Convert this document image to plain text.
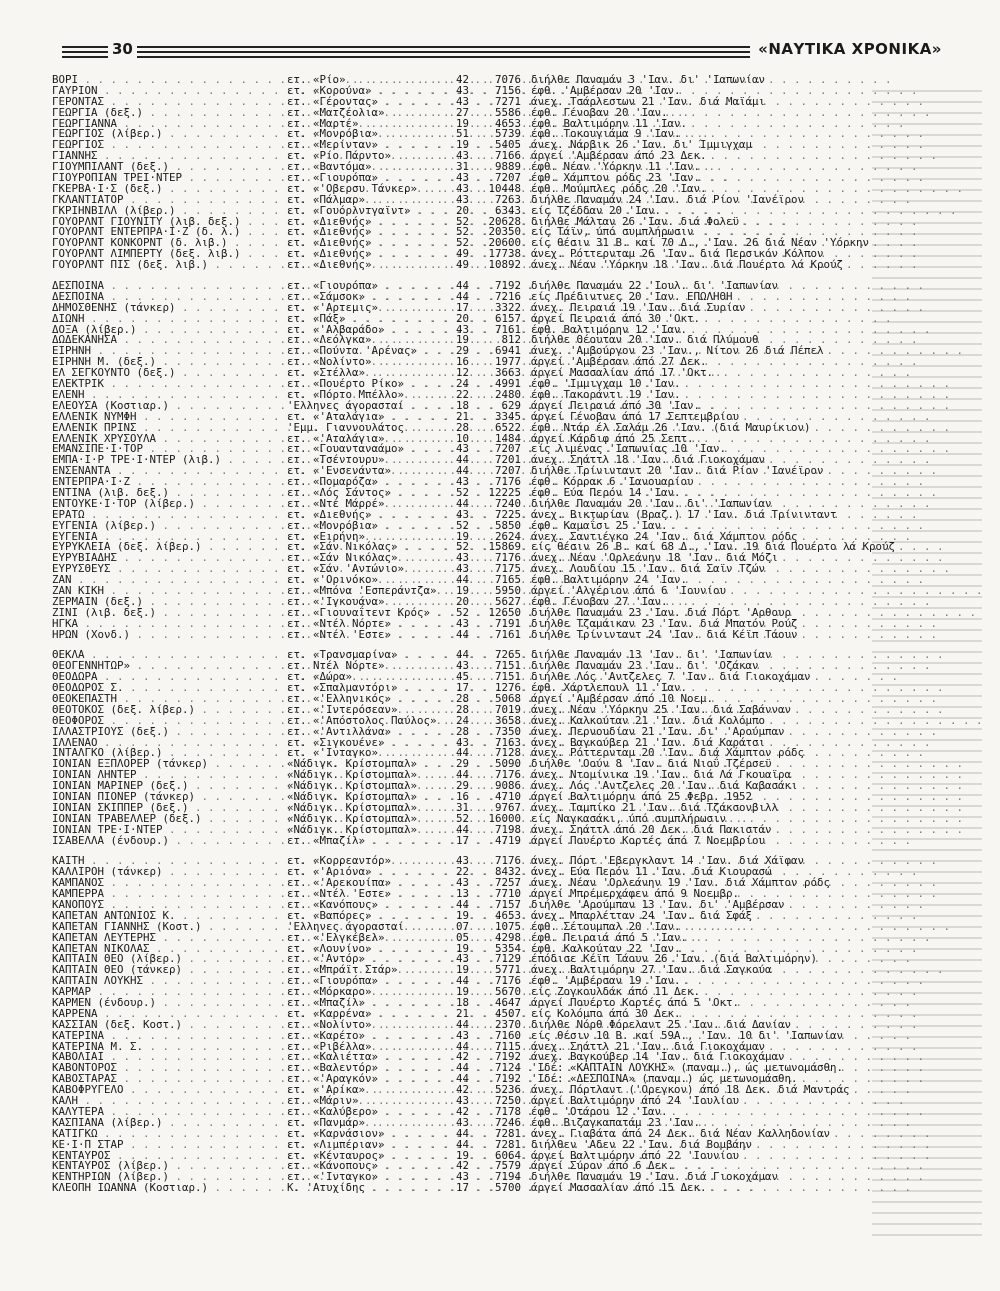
30	«ΝΑΥΤΙΚΑ ΧΡΟΝΙΚΑ»
ΒΟΡΙ . . .	ετ. «Ρίο» . . .	42	7076 διήλθε Παναμάν 3 'Ιαν. δι' 'Ιαπωνίαν
ΓΑΥΡΙΟΝ . . .	ετ. «Κορούνα» . . .	43	7156 έφθ. 'Αμβέρσαν 20 'Ιαν.
ΓΕΡΟΝΤΑΣ . . .	ετ. «Γέροντας» . . .	43	7271 άνεχ. Τσάρλεστων 21 'Ιαν. διά Μαϊάμι
ΓΕΩΡΓΙΑ (δεξ.) . . .	ετ. «Ματζέολια» . . .	27	5586 έφθ. Γένοβαν 20 'Ιαν.
ΓΕΩΡΓΙΑΝΝΑ . . .	ετ. «Μαρτέ» . . .	19	4653 έφθ. Βαλτιμόρην 11 'Ιαν.
ΓΕΩΡΓΙΟΣ (λίβερ.) . . .	ετ. «Μονρόβια» . . .	51	5739 έφθ. Τοκουγιάμα 9 'Ιαν.
ΓΕΩΡΓΙΟΣ . . .	ετ. «Μερίνταν» . . .	19	5405 άνεχ. Νάρβικ 26 'Ιαν. δι' Ίμμιγχαμ
ΓΙΑΝΝΗΣ . . .	ετ. «Ρίο Πάρντο» . . .	43	7166 άργεί 'Αμβέρσαν άπό 23 Δεκ.
ΓΙΟΥΜΠΙΛΑΝΤ (δεξ.) . . .	ετ. «Βαντόμα» . . .	31	9889 έφθ. Νέαν 'Υόρκην 11 'Ιαν.
ΓΙΟΥΡΟΠΙΑΝ ΤΡΕΙ·ΝΤΕΡ . . .	ετ. «Γιουρόπα» . . .	43	7207 έφθ. Χάμπτον ρόδς 23 'Ιαν.
ΓΚΕΡΒΑ·Ι·Σ (δεξ.) . . .	ετ. «'Οβερσυ Τάνκερ» . . .	43	10448 έφθ. Μούμπλες ρόδς 20 'Ιαν.
ΓΚΛΑΝΤΙΑΤΟΡ . . .	ετ. «Πάλμαρ» . . .	43	7263 διήλθε Παναμάν 24 'Ιαν. διά Ρίον 'Ιανέϊρον
ΓΚΡΙΗΝΒΙΛΛ (λίβερ.) . . .	ετ. «Γουόρλντγαϊντ» . . .	20	6343 είς Τζέδδαν 20 'Ιαν.
ΓΟΥΟΡΛΝΤ ΓΙΟΥΝΙΤΥ (λιβ. δεξ.) . . .	ετ. «Διεθνής» . . .	52	20628 διήλθε Μάλταν 26 'Ιαν. διά Φολεϋ
ΓΟΥΟΡΛΝΤ ΕΝΤΕΡΠΡΑ·Ι·Ζ (δ. λ.) . . .	ετ. «Διεθνής» . . .	52	20350 είς Τάϊν, ύπό συμπλήρωσιν
ΓΟΥΟΡΛΝΤ ΚΟΝΚΟΡΝΤ (δ. λιβ.) . . .	ετ. «Διεθνής» . . .	52	20600 είς θέσιν 31 Β. καί 70 Δ., 'Ιαν. 26 διά Νέαν 'Υόρκην
ΓΟΥΟΡΛΝΤ ΛΙΜΠΕΡΤΥ (δεξ. λιβ.) . . .	ετ. «Διεθνής» . . .	49	17738 άνεχ. Ρόττερνταμ 26 'Ιαν. διά Περσικόν Κόλπον
ΓΟΥΟΡΛΝΤ ΠΙΣ (δεξ. λιβ.) . . .	ετ. «Διεθνής» . . .	49	10892 άνεχ. Νέαν 'Υόρκην 18 'Ιαν. διά Πουέρτο λά Κρούζ
ΔΕΣΠΟΙΝΑ . . .	ετ. «Γιουρόπα» . . .	44	7192 διήλθε Παναμάν 22 'Ιουλ. δι' 'Ιαπωνίαν
ΔΕΣΠΟΙΝΑ . . .	ετ. «Σάμσοκ» . . .	44	7216 είς Πρέδιντνες 20 'Ιαν. ΕΠΩΛΗΘΗ
ΔΗΜΟΣΘΕΝΗΣ (τάνκερ) . . .	ετ. «'Αρτεμις» . . .	17	3322 άνεχ. Πειραιά 19 'Ιαν. διά Συρίαν
ΔΙΩΝΗ . . .	ετ. «Πάξ» . . .	20	6157 άργεί Πειραιά άπό 30 'Οκτ.
ΔΟΞΑ (λίβερ.) . . .	ετ. «'Αλβαράδο» . . .	43	7161 έφθ. Βαλτιμόρην 12 'Ιαν.
ΔΩΔΕΚΑΝΗΣΑ . . .	ετ. «Λεόλγκα» . . .	19	812 διήλθε Θέουταν 20 'Ιαν. διά Πλύμουθ
ΕΙΡΗΝΗ . . .	ετ. «Πούντα 'Αρένας» . . .	29	6941 άνεχ. 'Αμβούργον 23 'Ιαν., Νίτον 26 διά Πέπελ
ΕΙΡΗΝΗ Μ. (δεξ.) . . .	ετ. «Νολίντο» . . .	16	1977 άργεί 'Αμβέρσαν άπό 27 Δεκ.
ΕΛ ΣΕΓΚΟΥΝΤΟ (δεξ.) . . .	ετ. «Στέλλα» . . .	12	3663 άργεί Μασσαλίαν άπό 17 'Οκτ.
ΕΛΕΚΤΡΙΚ . . .	ετ. «Πουέρτο Ρίκο» . . .	24	4991 έφθ. 'Ιμμιγχαμ 10 'Ιαν.
ΕΛΕΝΗ . . .	ετ. «Πόρτο Μπέλλο» . . .	22	2480 έφθ. Τακοράντι 19 'Ιαν.
ΕΛΕΟΥΣΑ (Κοστιαρ.) . . .	'Ελληνες άγορασταί . . .	18	629 άργεί Πειραιά άπό 30 'Ιαν.
ΕΛΛΕΝΙΚ ΝΥΜΦΗ . . .	ετ. «'Αταλάγια» . . .	21	3345 άργεί Γένοβαν άπό 17 Σεπτεμβρίου
ΕΛΛΕΝΙΚ ΠΡΙΝΣ . . .	'Εμμ. Γιαννουλάτος . . .	28	6522 έφθ. Ντάρ έλ Σαλάμ 26 'Ιαν. (διά Μαυρίκιον)
ΕΛΛΕΝΙΚ ΧΡΥΣΟΥΛΑ . . .	ετ. «'Αταλάγια» . . .	10	1484 άργεί Κάρδιφ άπό 25 Σεπτ.
ΕΜΑΝΣΙΠΕ·Ι·ΤΟΡ . . .	ετ. «Γουανταναάμο» . . .	43	7207 είς λιμένας 'Ιαπωνίας 10 'Ιαν.
ΕΜΠΑ·Ι·Ρ ΤΡΕ·Ι·ΝΤΕΡ (λιβ.) . . .	ετ. «Τσέντουρυ» . . .	44	7201 άνεχ. Σηάττλ 18 'Ιαν. διά Γιοκοχάμαν
ΕΝΣΕΝΑΝΤΑ . . .	ετ. «'Ενσενάντα» . . .	44	7207 διήλθε Τρίνινταντ 20 'Ιαν. διά Ρίον 'Ιανέϊρον
ΕΝΤΕΡΠΡΑ·Ι·Ζ . . .	ετ. «Πομαρόζα» . . .	43	7176 έφθ. Κόρρακ 6 'Ιανουαρίου
ΕΝΤΙΝΑ (λιβ. δεξ.) . . .	ετ. «Λός Σάντος» . . .	52	12225 έφθ. Εύα Περόν 14 'Ιαν.
ΕΝΤΟΥΚΕ·Ι·ΤΟΡ (λίβερ.) . . .	ετ. «Ντέ Μάρρέ» . . .	44	7240 διήλθε Παναμάν 20 'Ιαν. δι' 'Ιαπωνίαν
ΕΡΑΤΩ . . .	ετ. «Διεθνής» . . .	43	7225 άνεχ. Βικτωρίαν (Βραζ.) 17 'Ιαν. διά Τρίνινταντ
ΕΥΓΕΝΙΑ (λίβερ.) . . .	ετ. «Μονρόβια» . . .	52	5850 έφθ. Καμαΐσι 25 'Ιαν.
ΕΥΓΕΝΙΑ . . .	ετ. «Ειρήνη» . . .	19	2624 άνεχ. Σαντιέγκο 24 'Ιαν. διά Χάμπτον ρόδς
ΕΥΡΥΚΛΕΙΑ (δεξ. λίβερ.) . . .	ετ. «Σάν Νικόλας» . . .	52	15869 είς θέσιν 26 Β. καί 68 Δ., 'Ιαν. 19 διά Πουέρτο λά Κρούζ
ΕΥΡΥΒΙΑΔΗΣ . . .	ετ. «Σάν Νικόλας» . . .	43	7176 άνεχ. Νέαν 'Ορλεάνην 18 'Ιαν. διά Μόζι
ΕΥΡΥΣΘΕΥΣ . . .	ετ. «Σάν 'Αντώνιο» . . .	43	7175 άνεχ. Λουδίου 15 'Ιαν. διά Σαϊν Τζών
ΖΑΝ . . .	ετ. «'Ορινόκο» . . .	44	7165 έφθ. Βαλτιμόρην 24 'Ιαν.
ΖΑΝ ΚΙΚΗ . . .	ετ. «Μπόνα 'Εσπεράντζα» . . .	19	5950 άργεί 'Αλγέριον άπό 6 'Ιουνίου
ΖΕΡΜΑΙΝ (δεξ.) . . .	ετ. «'Ιγκουάνα» . . .	20	5627 έφθ. Γένοβαν 27 'Ιαν.
ΖΙΝΙ (λιβ. δεξ.) . . .	ετ. «Γιουναΐτεντ Κρός» . . .	52	12650 διήλθε Παναμάν 23 'Ιαν. διά Πόρτ 'Αρθουρ
ΗΓΚΑ . . .	ετ. «Ντέλ Νόρτε» . . .	43	7191 διήλθε Τζαμάικαν 23 'Ιαν. διά Μπατόν Ρούζ
ΗΡΩΝ (Χονδ.) . . .	ετ. «Ντέλ 'Εστε» . . .	44	7161 διήλθε Τρίνινταντ 24 'Ιαν. διά Κέϊπ Τάουν
ΘΕΚΛΑ . . .	ετ. «Τρανσμαρίνα» . . .	44	7265 διήλθε Παναμάν 13 'Ιαν. δι' 'Ιαπωνίαν
ΘΕΟΓΕΝΝΗΤΩΡ» . . .	ετ. Ντέλ Νόρτε» . . .	43	7151 διήλθε Παναμάν 23 'Ιαν. δι' 'Οζάκαν
ΘΕΟΔΩΡΑ . . .	ετ. «Δώρα» . . .	45	7151 διήλθε Λός 'Αντζελες 7 'Ιαν. διά Γιοκοχάμαν
ΘΕΟΔΩΡΟΣ Σ. . . .	ετ. «Σπαλμαντόρι» . . .	17	1276 έφθ. Χάρτλεπουλ 11 'Ιαν.
ΘΕΟΚΕΠΑΣΤΗ . . .	ετ. «'Ελληνικός» . . .	28	5068 άργεί 'Αμβέρσαν άπό 10 Νοεμ.
ΘΕΟΤΟΚΟΣ (δεξ. λίβερ.) . . .	ετ. «'Ιντερόσεαν» . . .	28	7019 άνεχ. Νέαν 'Υόρκην 25 'Ιαν. διά Σαβάνναν
ΘΕΟΦΟΡΟΣ . . .	ετ. «'Απόστολος Παύλος» . . .	24	3658 άνεχ. Καλκούταν 21 'Ιαν. διά Κολόμπο
ΙΛΛΑΣΤΡΙΟΥΣ (δεξ.) . . .	ετ. «'Αντιλλάνα» . . .	28	7350 άνεχ. Περνουδίαν 21 'Ιαν. δι' 'Αρούμπαν
ΙΛΛΕΝΑΟ . . .	ετ. «Σιγκουένε» . . .	43	7163 άνεχ. Βαγκούβερ 21 'Ιαν. διά Καράτσι
ΙΝΤΑΛΓΚΟ (λίβερ.) . . .	ετ. «'Ινταγκο» . . .	44	7128 άνεχ. Ρόττερνταμ 20 'Ιαν. διά Χάμπτον ρόδς
ΙΟΝΙΑΝ ΕΞΠΛΟΡΕΡ (τάνκερ) . . .	«Νάδιγκ. Κρίστομπαλ» . . .	29	5090 διήλθε 'Οούν 8 'Ιαν. διά Νιοΰ Τζέρσεϋ
ΙΟΝΙΑΝ ΛΗΝΤΕΡ . . .	«Νάδιγκ. Κρίστομπαλ» . . .	44	7176 άνεχ. Ντομίνικα 19 'Ιαν. διά Λά Γκουαϊρα
ΙΟΝΙΑΝ ΜΑΡΙΝΕΡ (δεξ.) . . .	«Νάδιγκ. Κρίστομπαλ» . . .	29	9086 άνεχ. Λός 'Αντζελες 20 'Ιαν. διά Καβασάκι
ΙΟΝΙΑΝ ΠΙΟΝΕΡ (τάνκερ) . . .	«Νάδιγκ. Κρίστομπαλ» . . .	16	4710 άργεί Βαλτιμόρην άπό 25 Φεβρ. 1952
ΙΟΝΙΑΝ ΣΚΙΠΠΕΡ (δεξ.) . . .	«Νάδιγκ. Κρίστομπαλ» . . .	31	9767 άνεχ. Ταμπίκο 21 'Ιαν. διά Τζάκσονβιλλ
ΙΟΝΙΑΝ ΤΡΑΒΕΛΛΕΡ (δεξ.) . . .	«Νάδιγκ. Κρίστομπαλ» . . .	52	16000 είς Ναγκασάκι, ύπό συμπλήρωσιν
ΙΟΝΙΑΝ ΤΡΕ·Ι·ΝΤΕΡ . . .	«Νάδιγκ. Κρίστομπαλ» . . .	44	7198 άνεχ. Σηάττλ άπό 20 Δεκ. διά Πακιστάν
ΙΣΑΒΕΛΛΑ (ένδουρ.) . . .	ετ. «Μπαζίλ» . . .	17	4719 άργεί Πουέρτο Κορτές άπό 7 Νοεμβρίου
ΚΑΙΤΗ . . .	ετ. «Κορρεαντόρ» . . .	43	7176 άνεχ. Πόρτ 'Εβεργκλαντ 14 'Ιαν. διά Χάϊφαν
ΚΑΛΛΙΡΟΗ (τάνκερ) . . .	ετ. «'Αριόνα» . . .	22	8432 άνεχ. Εύα Περόν 11 'Ιαν. διά Κιουρασώ
ΚΑΜΠΑΝΟΣ . . .	ετ. «'Αρεκουίπα» . . .	43	7257 άνεχ. Νέαν 'Ορλεάνην 19 'Ιαν. διά Χάμπτον ρόδς
ΚΑΜΠΕΡΡΑ . . .	ετ. «Ντέλ 'Εστε» . . .	13	7710 άργεί Μπρέμερχάφεν άπό 9 Νοεμβρ.
ΚΑΝΟΠΟΥΣ . . .	ετ. «Κανόπους» . . .	44	7157 διήλθε 'Αρούμπαν 13 'Ιαν. δι' 'Αμβέρσαν
ΚΑΠΕΤΑΝ ΑΝΤΩΝΙΟΣ Κ. . . .	ετ. «Βαπόρες» . . .	19	4653 άνεχ. Μπαρλέτταν 24 'Ιαν. διά Σφάξ
ΚΑΠΕΤΑΝ ΓΙΑΝΝΗΣ (Κοστ.) . . .	'Ελληνες άγορασταί . . .	07	1075 έφθ. Σέτουμπαλ 20 'Ιαν.
ΚΑΠΕΤΑΝ ΛΕΥΤΕΡΗΣ . . .	ετ. «'Ελγκέβελ» . . .	05	4298 έφθ. Πειραιά άπό 5 'Ιαν.
ΚΑΠΕΤΑΝ ΝΙΚΟΛΑΣ . . .	ετ. «Λουνίνο» . . .	19	5354 έφθ. Καλκούταν 22 'Ιαν.
ΚΑΠΤΑΙΝ ΘΕΟ (λίβερ.) . . .	ετ. «'Αντόρ» . . .	43	7129 έπόδισε Κέϊπ Τάουν 26 'Ιαν. (διά Βαλτιμόρην)
ΚΑΠΤΑΙΝ ΘΕΟ (τάνκερ) . . .	ετ. «Μπράϊτ Στάρ» . . .	19	5771 άνεχ. Βαλτιμόρην 27 'Ιαν. διά Σαγκούα
ΚΑΠΤΑΙΝ ΛΟΥΚΗΣ . . .	ετ. «Γιουρόπα» . . .	44	7176 έφθ. 'Αμβέρσαν 19 'Ιαν.
ΚΑΡΜΑΡ . . .	ετ. «Μόρκαρο» . . .	19	5670 είς Ζογκουλδάκ άπό 11 Δεκ.
ΚΑΡΜΕΝ (ένδουρ.) . . .	ετ. «Μπαζίλ» . . .	18	4647 άργεί Πουέρτο Κορτές άπό 5 'Οκτ.
ΚΑΡΡΕΝΑ . . .	ετ. «Καρρένα» . . .	21	4507 είς Κολόμπο άπό 30 Δεκ.
ΚΑΣΣΙΑΝ (δεξ. Κοστ.) . . .	ετ. «Νολίντο» . . .	44	2370 διήλθε Νόρθ Φόρελαντ 25 'Ιαν. διά Δανίαν
ΚΑΤΕΡΙΝΑ . . .	ετ. «Καρέτο» . . .	43	7160 είς θέσιν 10 Β. καί 59Α., 'Ιαν. 10 δι' 'Ιαπωνίαν
ΚΑΤΕΡΙΝΑ Μ. Σ. . . .	ετ. «Ριβέλλα» . . .	44	7115 άνεχ. Σηάττλ 21 'Ιαν. διά Γιοκοχάμαν
ΚΑΒΟΛΙΑΙ . . .	ετ. «Καλιέττα» . . .	42	7192 άνεχ. Βαγκούβερ 14 'Ιαν. διά Γιοκοχάμαν
ΚΑΒΟΝΤΟΡΟΣ . . .	ετ. «Βαλεντόρ» . . .	44	7124 'Ιδέ: «ΚΑΠΤΑΙΝ ΛΟΥΚΗΣ» (παναμ.), ώς μετωνομάσθη.
ΚΑΒΟΣΤΑΡΑΣ . . .	ετ. «'Αραγκόν» . . .	44	7192 'Ιδέ: «ΔΕΣΠΟΙΝΑ» (παναμ.) ώς μετωνομάσθη.
ΚΑΒΟΦΡΥΓΕΛΟ . . .	ετ. «'Αρίκα» . . .	42	5236 άνεχ. Πόρτλαντ ('Ορεγκον) άπό 18 Δεκ. διά Μαντράς
ΚΑΛΗ . . .	ετ. «Μάριν» . . .	43	7250 άργεί Βαλτιμόρην άπό 24 'Ιουλίου
ΚΑΛΥΤΕΡΑ . . .	ετ. «Καλύβερο» . . .	42	7178 έφθ. 'Οτάρου 12 'Ιαν.
ΚΑΣΠΙΑΝΑ (λίβερ.) . . .	ετ. «Πανμάρ» . . .	43	7246 έφθ. Βιζαγκαπατάμ 23 'Ιαν.
ΚΑΤΙΓΚΩ . . .	ετ. «Καρνάσιον» . . .	44	7281 άνεχ. Γιαβάτα άπό 24 Δεκ. διά Νέαν Καλληδονίαν
ΚΕ·Ι·Π ΣΤΑΡ . . .	ετ. «Λιμπέριαν» . . .	44	7281 διήλθεν 'Αδεν 22 'Ιαν. διά Βομβάην
ΚΕΝΤΑΥΡΟΣ . . .	ετ. «Κένταυρος» . . .	19	6064 άργεί Βαλτιμόρην άπό 22 'Ιουνίου
ΚΕΝΤΑΥΡΟΣ (λίβερ.) . . .	ετ. «Κάνοπους» . . .	42	7579 άργεί Σύρον άπό 6 Δεκ.
ΚΕΝΤΗΡΙΩΝ (λίβερ.) . . .	ετ. «'Ινταγκο» . . .	43	7194 διήλθε Παναμάν 19 'Ιαν. διά Γιοκοχάμαν
ΚΛΕΟΠΗ ΙΩΑΝΝΑ (Κοστιαρ.) . . .	Κ. 'Ατυχίδης . . .	17	5700 άργεί Μασσαλίαν άπό 15 Δεκ.
